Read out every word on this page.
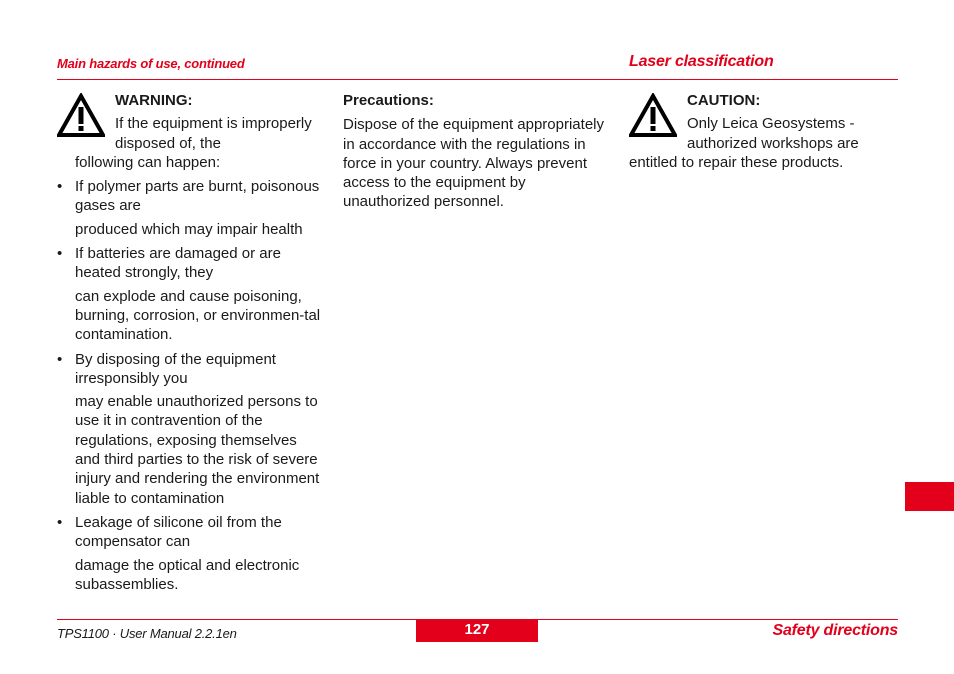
Main hazards of use, continued	Laser classification
WARNING:
If the equipment is improperly disposed of, the
following can happen:
• If polymer parts are burnt, poisonous gases are
produced which may impair health
• If batteries are damaged or are heated strongly, they
can explode and cause poisoning, burning, corrosion, or environmen-tal contamination.
• By disposing of the equipment irresponsibly you
may enable unauthorized persons to use it in contravention of the regulations, exposing themselves and third parties to the risk of severe injury and rendering the environment liable to contamination
• Leakage of silicone oil from the compensator can
damage the optical and electronic subassemblies.
Precautions:
Dispose of the equipment appropriately in accordance with the regulations in force in your country. Always prevent access to the equipment by unauthorized personnel.
CAUTION:
Only Leica Geosystems - authorized workshops are
entitled to repair these products.
TPS1100 · User Manual 2.2.1en	127	Safety directions
